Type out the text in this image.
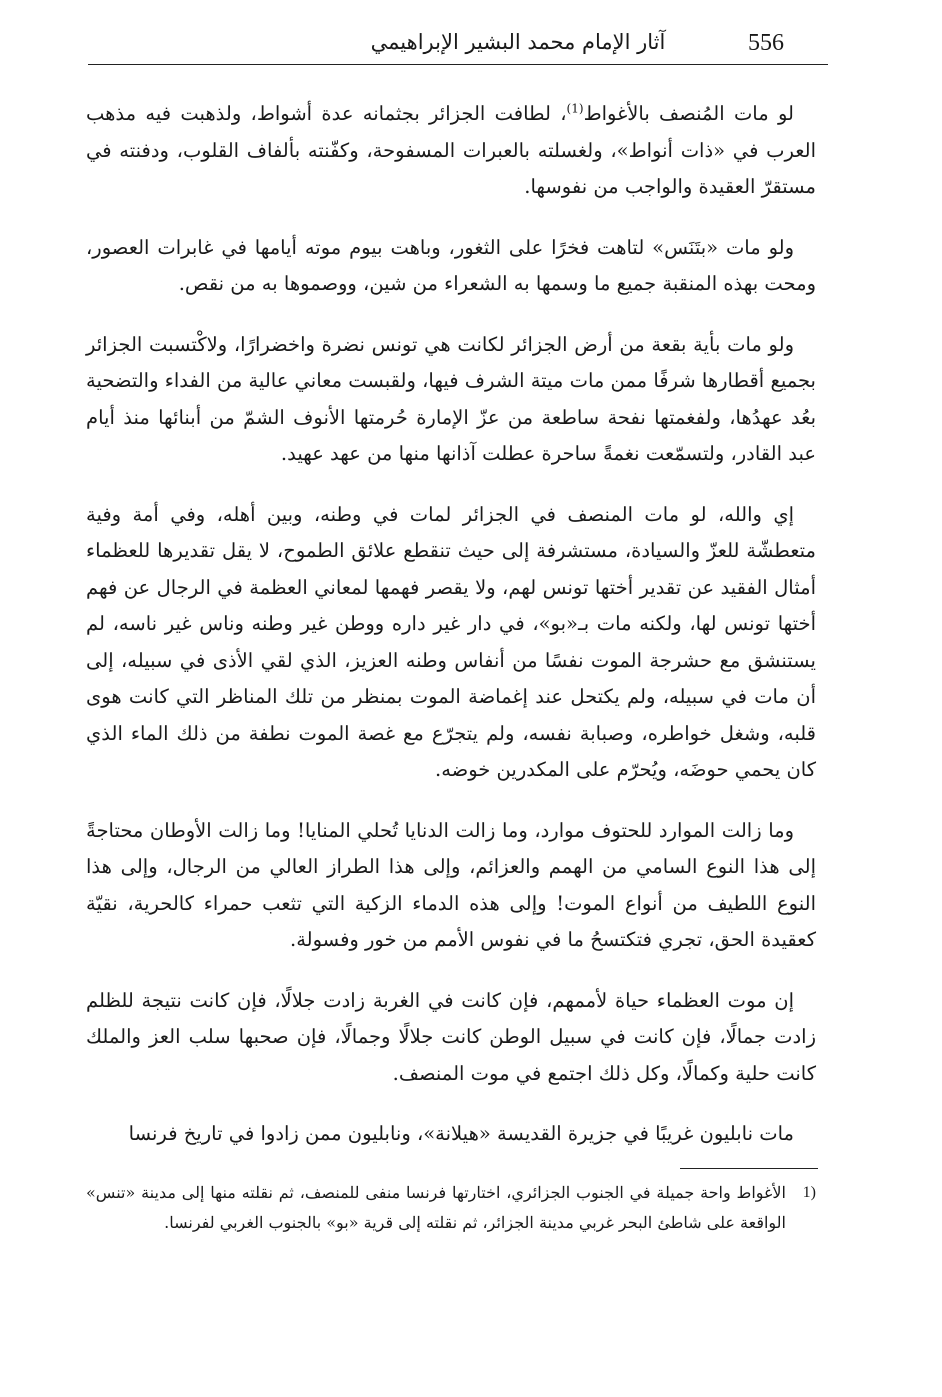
556
آثار الإمام محمد البشير الإبراهيمي

لو مات المُنصف بالأغواط$^{(1)}$، لطافت الجزائر بجثمانه عدة أشواط، ولذهبت فيه مذهب العرب في «ذات أنواط»، ولغسلته بالعبرات المسفوحة، وكفّنته بألفاف القلوب، ودفنته في مستقرّ العقيدة والواجب من نفوسها.

ولو مات «بتَنَس» لتاهت فخرًا على الثغور، وباهت بيوم موته أيامها في غابرات العصور، ومحت بهذه المنقبة جميع ما وسمها به الشعراء من شين، ووصموها به من نقص.

ولو مات بأية بقعة من أرض الجزائر لكانت هي تونس نضرة واخضرارًا، ولاكْتسبت الجزائر بجميع أقطارها شرفًا ممن مات ميتة الشرف فيها، ولقبست معاني عالية من الفداء والتضحية بعُد عهدُها، ولفغمتها نفحة ساطعة من عزّ الإمارة حُرمتها الأنوف الشمّ من أبنائها منذ أيام عبد القادر، ولتسمّعت نغمةً ساحرة عطلت آذانها منها من عهد عهيد.

إي والله، لو مات المنصف في الجزائر لمات في وطنه، وبين أهله، وفي أمة وفية متعطشّة للعزّ والسيادة، مستشرفة إلى حيث تنقطع علائق الطموح، لا يقل تقديرها للعظماء أمثال الفقيد عن تقدير أختها تونس لهم، ولا يقصر فهمها لمعاني العظمة في الرجال عن فهم أختها تونس لها، ولكنه مات بـ«بو»، في دار غير داره ووطن غير وطنه وناس غير ناسه، لم يستنشق مع حشرجة الموت نفسًا من أنفاس وطنه العزيز، الذي لقي الأذى في سبيله، إلى أن مات في سبيله، ولم يكتحل عند إغماضة الموت بمنظر من تلك المناظر التي كانت هوى قلبه، وشغل خواطره، وصبابة نفسه، ولم يتجرّع مع غصة الموت نطفة من ذلك الماء الذي كان يحمي حوضَه، ويُحرّم على المكدرين خوضه.

وما زالت الموارد للحتوف موارد، وما زالت الدنايا تُحلي المنايا! وما زالت الأوطان محتاجةً إلى هذا النوع السامي من الهمم والعزائم، وإلى هذا الطراز العالي من الرجال، وإلى هذا النوع اللطيف من أنواع الموت! وإلى هذه الدماء الزكية التي تثعب حمراء كالحرية، نقيّة كعقيدة الحق، تجري فتكتسحُ ما في نفوس الأمم من خور وفسولة.

إن موت العظماء حياة لأممهم، فإن كانت في الغربة زادت جلالًا، فإن كانت نتيجة للظلم زادت جمالًا، فإن كانت في سبيل الوطن كانت جلالًا وجمالًا، فإن صحبها سلب العز والملك كانت حلية وكمالًا، وكل ذلك اجتمع في موت المنصف.

مات نابليون غريبًا في جزيرة القديسة «هيلانة»، ونابليون ممن زادوا في تاريخ فرنسا

1)
الأغواط واحة جميلة في الجنوب الجزائري، اختارتها فرنسا منفى للمنصف، ثم نقلته منها إلى مدينة «تنس» الواقعة على شاطئ البحر غربي مدينة الجزائر، ثم نقلته إلى قرية «بو» بالجنوب الغربي لفرنسا.
